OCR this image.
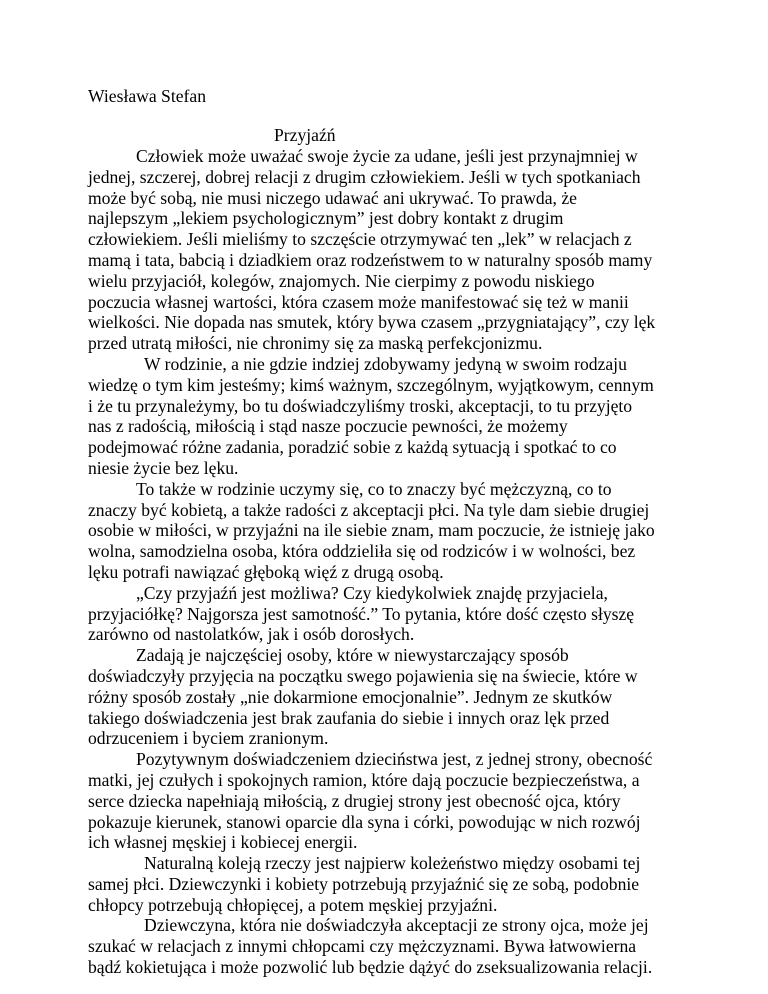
Wiesława Stefan
Przyjaźń
Człowiek może uważać swoje życie za udane, jeśli jest przynajmniej w
jednej, szczerej, dobrej relacji z drugim człowiekiem. Jeśli w tych spotkaniach
może być sobą, nie musi niczego udawać ani ukrywać. To prawda, że
najlepszym „lekiem psychologicznym” jest dobry kontakt z drugim
człowiekiem. Jeśli mieliśmy to szczęście otrzymywać ten „lek” w relacjach z
mamą i tata, babcią i dziadkiem oraz rodzeństwem to w naturalny sposób mamy
wielu przyjaciół, kolegów, znajomych. Nie cierpimy z powodu niskiego
poczucia własnej wartości, która czasem może manifestować się też w manii
wielkości. Nie dopada nas smutek, który bywa czasem „przygniatający”, czy lęk
przed utratą miłości, nie chronimy się za maską perfekcjonizmu.
W rodzinie, a nie gdzie indziej zdobywamy jedyną w swoim rodzaju
wiedzę o tym kim jesteśmy; kimś ważnym, szczególnym, wyjątkowym, cennym
i że tu przynależymy, bo tu doświadczyliśmy troski, akceptacji, to tu przyjęto
nas z radością, miłością i stąd nasze poczucie pewności, że możemy
podejmować różne zadania, poradzić sobie z każdą sytuacją i spotkać to co
niesie życie bez lęku.
To także w rodzinie uczymy się, co to znaczy być mężczyzną, co to
znaczy być kobietą, a także radości z akceptacji płci. Na tyle dam siebie drugiej
osobie w miłości, w przyjaźni na ile siebie znam, mam poczucie, że istnieję jako
wolna, samodzielna osoba, która oddzieliła się od rodziców i w wolności, bez
lęku potrafi nawiązać głęboką więź z drugą osobą.
„Czy przyjaźń jest możliwa? Czy kiedykolwiek znajdę przyjaciela,
przyjaciółkę? Najgorsza jest samotność.” To pytania, które dość często słyszę
zarówno od nastolatków, jak i osób dorosłych.
Zadają je najczęściej osoby, które w niewystarczający sposób
doświadczyły przyjęcia na początku swego pojawienia się na świecie, które w
różny sposób zostały „nie dokarmione emocjonalnie”. Jednym ze skutków
takiego doświadczenia jest brak zaufania do siebie i innych oraz lęk przed
odrzuceniem i byciem zranionym.
Pozytywnym doświadczeniem dzieciństwa jest, z jednej strony, obecność
matki, jej czułych i spokojnych ramion, które dają poczucie bezpieczeństwa, a
serce dziecka napełniają miłością, z drugiej strony jest obecność ojca, który
pokazuje kierunek, stanowi oparcie dla syna i córki, powodując w nich rozwój
ich własnej męskiej i kobiecej energii.
Naturalną koleją rzeczy jest najpierw koleżeństwo między osobami tej
samej płci. Dziewczynki i kobiety potrzebują przyjaźnić się ze sobą, podobnie
chłopcy potrzebują chłopięcej, a potem męskiej przyjaźni.
Dziewczyna, która nie doświadczyła akceptacji ze strony ojca, może jej
szukać w relacjach z innymi chłopcami czy mężczyznami. Bywa łatwowierna
bądź kokietująca i może pozwolić lub będzie dążyć do zseksualizowania relacji.
